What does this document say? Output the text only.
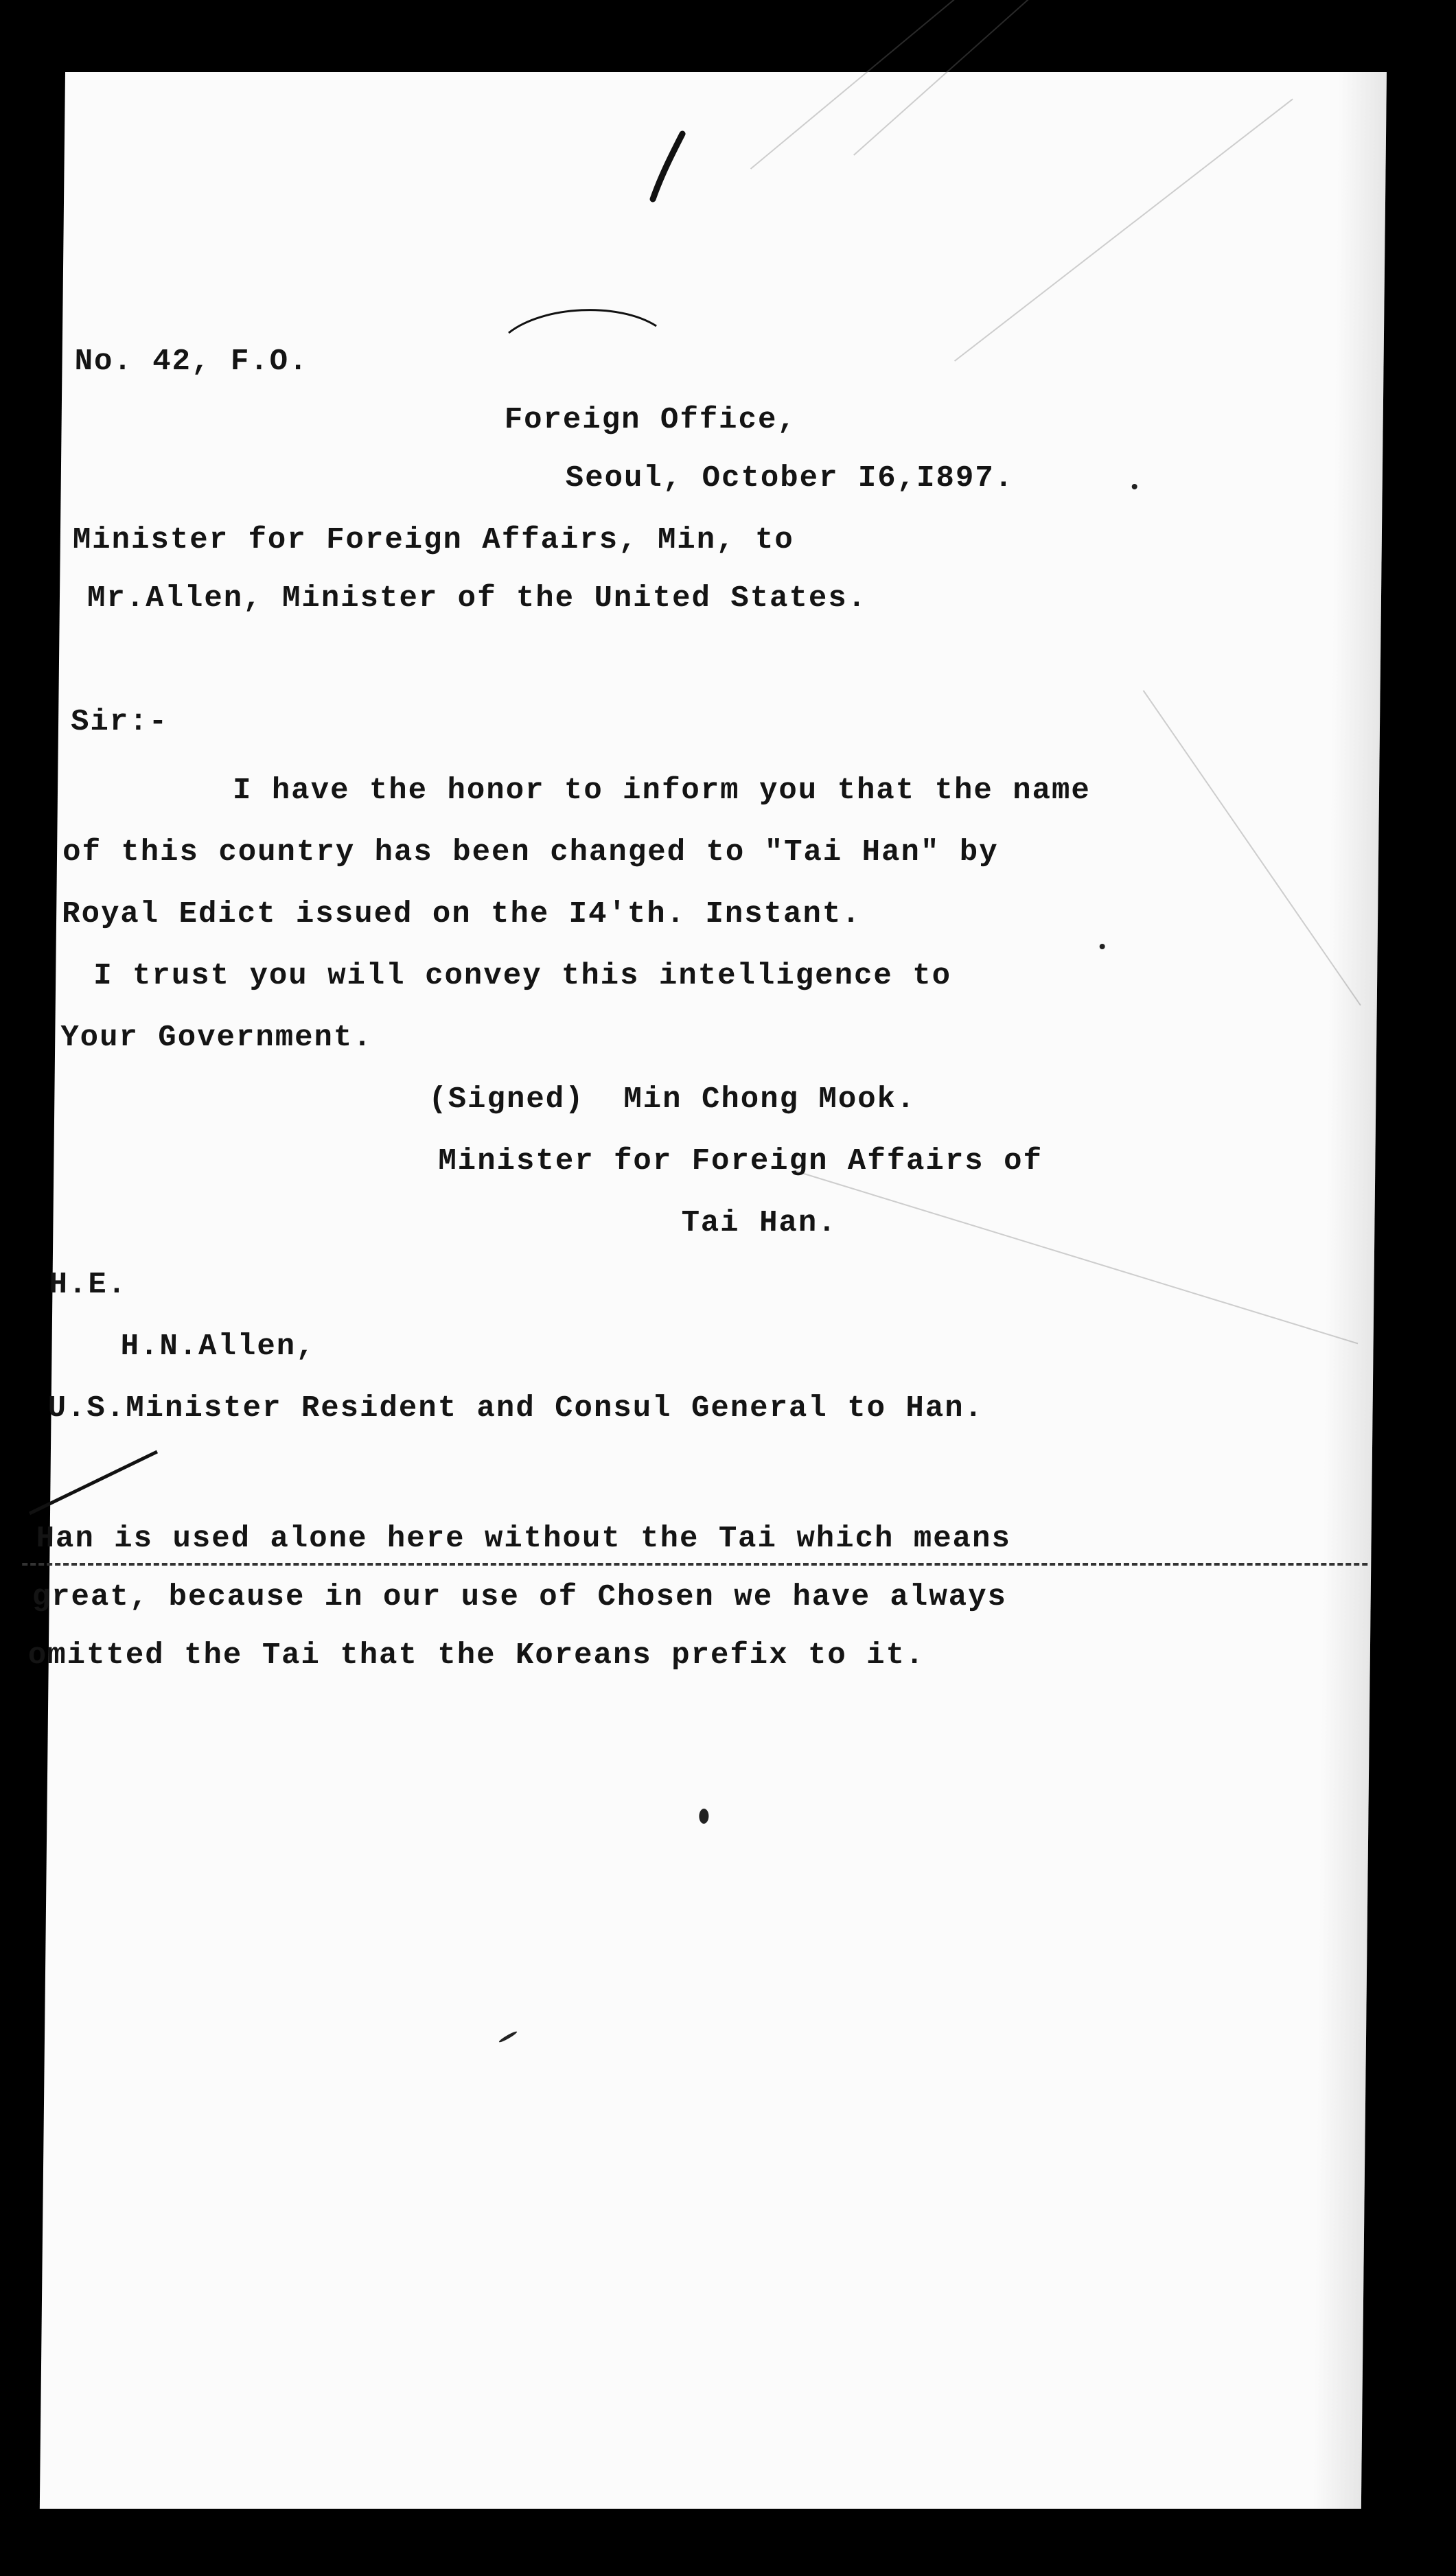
No. 42, F.O.
Foreign Office,
Seoul, October I6,I897.
Minister for Foreign Affairs, Min, to
Mr.Allen, Minister of the United States.
Sir:-
I have the honor to inform you that the name
of this country has been changed to "Tai Han" by
Royal Edict issued on the I4'th. Instant.
I trust you will convey this intelligence to
Your Government.
(Signed)  Min Chong Mook.
Minister for Foreign Affairs of
Tai Han.
H.E.
H.N.Allen,
U.S.Minister Resident and Consul General to Han.
Han is used alone here without the Tai which means
great, because in our use of Chosen we have always
omitted the Tai that the Koreans prefix to it.
